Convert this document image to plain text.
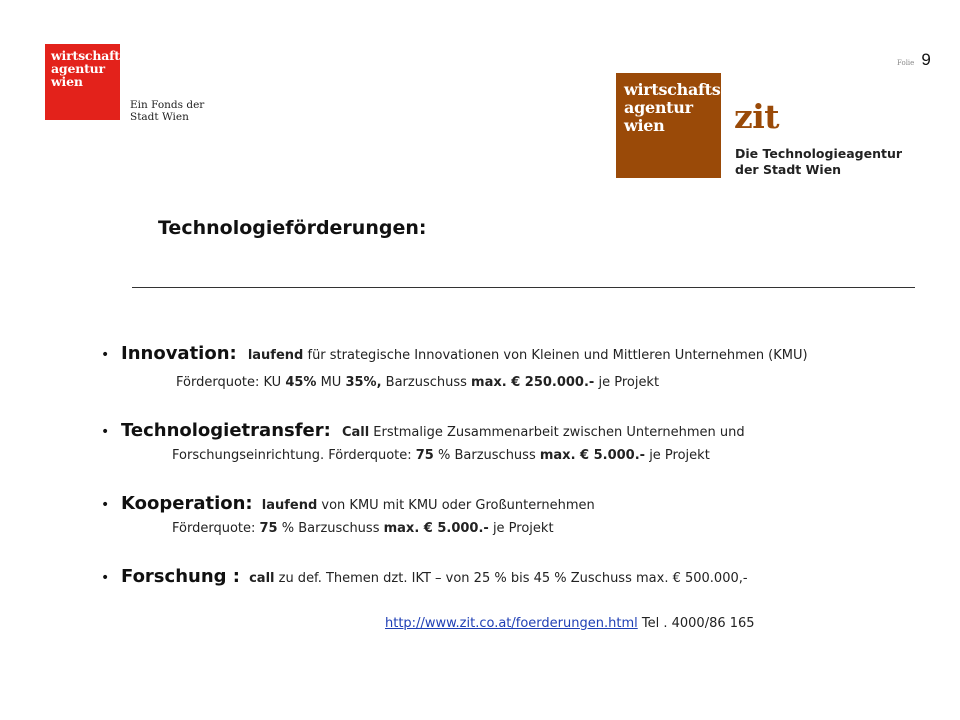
wirtschafts
agentur
wien
Ein Fonds der
Stadt Wien
Folie 9
wirtschafts
agentur
wien	zit
Die Technologieagentur
der Stadt Wien
Technologieförderungen:
• Innovation: laufend für strategische Innovationen von Kleinen und Mittleren Unternehmen (KMU)
Förderquote: KU 45% MU 35%, Barzuschuss max. € 250.000.- je Projekt
• Technologietransfer: Call Erstmalige Zusammenarbeit zwischen Unternehmen und
Forschungseinrichtung. Förderquote: 75 % Barzuschuss max. € 5.000.- je Projekt
• Kooperation: laufend von KMU mit KMU oder Großunternehmen
Förderquote: 75 % Barzuschuss max. € 5.000.- je Projekt
• Forschung : call zu def. Themen dzt. IKT – von 25 % bis 45 % Zuschuss max. € 500.000,-
http://www.zit.co.at/foerderungen.html Tel . 4000/86 165
